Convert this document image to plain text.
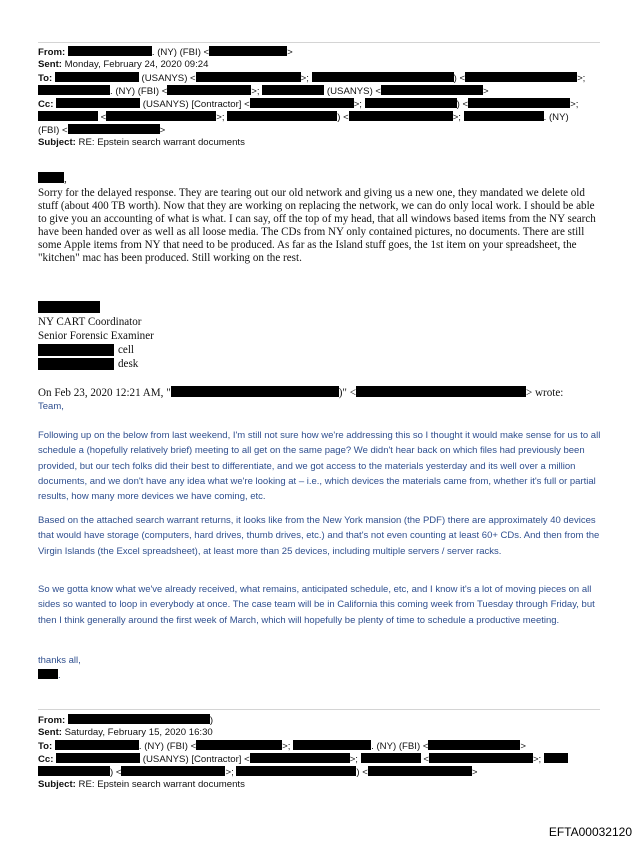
From:	. (NY) (FBI) <	>
Sent: Monday, February 24, 2020 09:24
To:	(USANYS) <	>;	) <	>;
. (NY) (FBI) <	>;	(USANYS) <	>
Cc:	(USANYS) [Contractor] <	>;	) <	>;
<	>;	) <	>;	. (NY)
(FBI) <	>
Subject: RE: Epstein search warrant documents
,
Sorry for the delayed response. They are tearing out our old network and giving us a new one, they mandated we delete old stuff (about 400 TB worth). Now that they are working on replacing the network, we can do only local work. I should be able to give you an accounting of what is what. I can say, off the top of my head, that all windows based items from the NY search have been handed over as well as all loose media. The CDs from NY only contained pictures, no documents. There are still some Apple items from NY that need to be produced. As far as the Island stuff goes, the 1st item on your spreadsheet, the "kitchen" mac has been produced. Still working on the rest.
NY CART Coordinator
Senior Forensic Examiner
cell
desk
On Feb 23, 2020 12:21 AM, "	)" <	> wrote:
Team,
Following up on the below from last weekend, I'm still not sure how we're addressing this so I thought it would make sense for us to all schedule a (hopefully relatively brief) meeting to all get on the same page? We didn't hear back on which files had previously been provided, but our tech folks did their best to differentiate, and we got access to the materials yesterday and its well over a million documents, and we don't have any idea what we're looking at – i.e., which devices the materials came from, whether it's full or partial results, how many more devices we have coming, etc.
Based on the attached search warrant returns, it looks like from the New York mansion (the PDF) there are approximately 40 devices that would have storage (computers, hard drives, thumb drives, etc.) and that's not even counting at least 60+ CDs. And then from the Virgin Islands (the Excel spreadsheet), at least more than 25 devices, including multiple servers / server racks.
So we gotta know what we've already received, what remains, anticipated schedule, etc, and I know it's a lot of moving pieces on all sides so wanted to loop in everybody at once. The case team will be in California this coming week from Tuesday through Friday, but then I think generally around the first week of March, which will hopefully be plenty of time to schedule a productive meeting.
thanks all,
.
From:	)
Sent: Saturday, February 15, 2020 16:30
To:	. (NY) (FBI) <	>;	. (NY) (FBI) <	>
Cc:	(USANYS) [Contractor] <	>;	<	>;
) <	>;	) <	>
Subject: RE: Epstein search warrant documents
EFTA00032120
